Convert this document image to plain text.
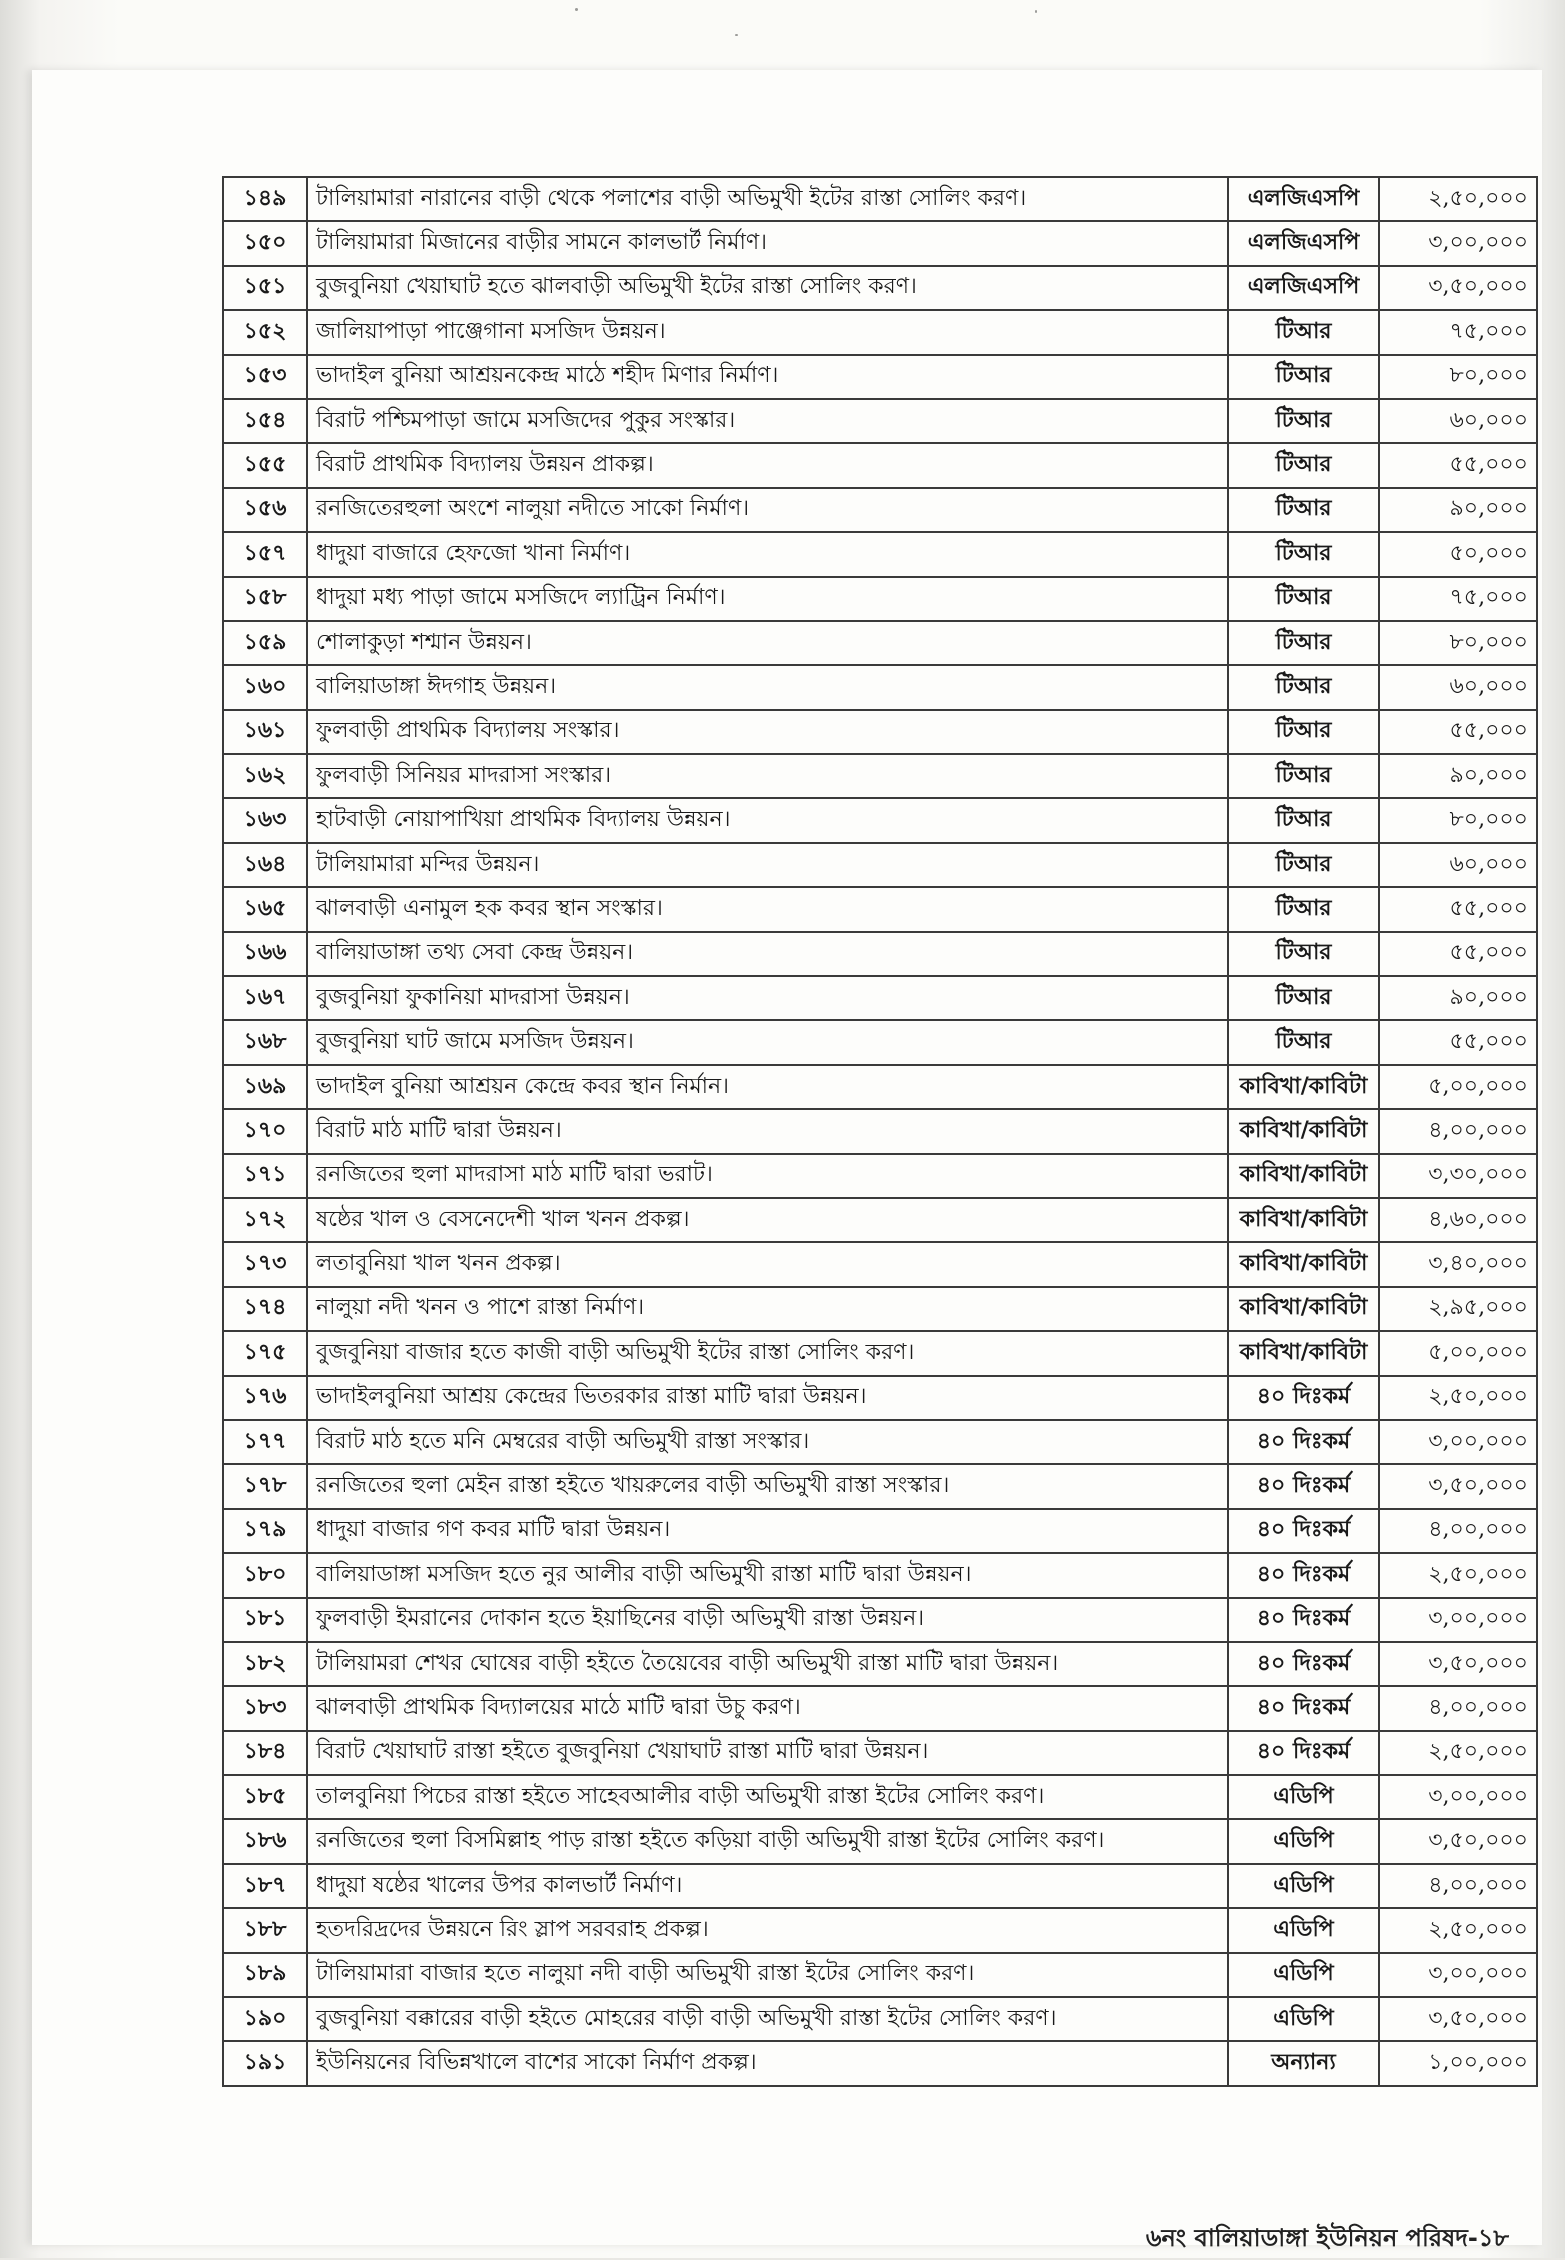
১৪৯	টালিয়ামারা নারানের বাড়ী থেকে পলাশের বাড়ী অভিমুখী ইটের রাস্তা সোলিং করণ।	এলজিএসপি	২,৫০,০০০
১৫০	টালিয়ামারা মিজানের বাড়ীর সামনে কালভার্ট নির্মাণ।	এলজিএসপি	৩,০০,০০০
১৫১	বুজবুনিয়া খেয়াঘাট হতে ঝালবাড়ী অভিমুখী ইটের রাস্তা সোলিং করণ।	এলজিএসপি	৩,৫০,০০০
১৫২	জালিয়াপাড়া পাঞ্জেগানা মসজিদ উন্নয়ন।	টিআর	৭৫,০০০
১৫৩	ভাদাইল বুনিয়া আশ্রয়নকেন্দ্র মাঠে শহীদ মিণার নির্মাণ।	টিআর	৮০,০০০
১৫৪	বিরাট পশ্চিমপাড়া জামে মসজিদের পুকুর সংস্কার।	টিআর	৬০,০০০
১৫৫	বিরাট প্রাথমিক বিদ্যালয় উন্নয়ন প্রাকল্প।	টিআর	৫৫,০০০
১৫৬	রনজিতেরহুলা অংশে নালুয়া নদীতে সাকো নির্মাণ।	টিআর	৯০,০০০
১৫৭	ধাদুয়া বাজারে হেফজো খানা নির্মাণ।	টিআর	৫০,০০০
১৫৮	ধাদুয়া মধ্য পাড়া জামে মসজিদে ল্যাট্রিন নির্মাণ।	টিআর	৭৫,০০০
১৫৯	শোলাকুড়া শশ্মান উন্নয়ন।	টিআর	৮০,০০০
১৬০	বালিয়াডাঙ্গা ঈদগাহ উন্নয়ন।	টিআর	৬০,০০০
১৬১	ফুলবাড়ী প্রাথমিক বিদ্যালয় সংস্কার।	টিআর	৫৫,০০০
১৬২	ফুলবাড়ী সিনিয়র মাদরাসা সংস্কার।	টিআর	৯০,০০০
১৬৩	হাটবাড়ী নোয়াপাখিয়া প্রাথমিক বিদ্যালয় উন্নয়ন।	টিআর	৮০,০০০
১৬৪	টালিয়ামারা মন্দির উন্নয়ন।	টিআর	৬০,০০০
১৬৫	ঝালবাড়ী এনামুল হক কবর স্থান সংস্কার।	টিআর	৫৫,০০০
১৬৬	বালিয়াডাঙ্গা তথ্য সেবা কেন্দ্র উন্নয়ন।	টিআর	৫৫,০০০
১৬৭	বুজবুনিয়া ফুকানিয়া মাদরাসা উন্নয়ন।	টিআর	৯০,০০০
১৬৮	বুজবুনিয়া ঘাট জামে মসজিদ উন্নয়ন।	টিআর	৫৫,০০০
১৬৯	ভাদাইল বুনিয়া আশ্রয়ন কেন্দ্রে কবর স্থান নির্মান।	কাবিখা/কাবিটা	৫,০০,০০০
১৭০	বিরাট মাঠ মাটি দ্বারা উন্নয়ন।	কাবিখা/কাবিটা	৪,০০,০০০
১৭১	রনজিতের হুলা মাদরাসা মাঠ মাটি দ্বারা ভরাট।	কাবিখা/কাবিটা	৩,৩০,০০০
১৭২	ষষ্ঠের খাল ও বেসনেদেশী খাল খনন প্রকল্প।	কাবিখা/কাবিটা	৪,৬০,০০০
১৭৩	লতাবুনিয়া খাল খনন প্রকল্প।	কাবিখা/কাবিটা	৩,৪০,০০০
১৭৪	নালুয়া নদী খনন ও পাশে রাস্তা নির্মাণ।	কাবিখা/কাবিটা	২,৯৫,০০০
১৭৫	বুজবুনিয়া বাজার হতে কাজী বাড়ী অভিমুখী ইটের রাস্তা সোলিং করণ।	কাবিখা/কাবিটা	৫,০০,০০০
১৭৬	ভাদাইলবুনিয়া আশ্রয় কেন্দ্রের ভিতরকার রাস্তা মাটি দ্বারা উন্নয়ন।	৪০ দিঃকর্ম	২,৫০,০০০
১৭৭	বিরাট মাঠ হতে মনি মেম্বরের বাড়ী অভিমুখী রাস্তা সংস্কার।	৪০ দিঃকর্ম	৩,০০,০০০
১৭৮	রনজিতের হুলা মেইন রাস্তা হইতে খায়রুলের বাড়ী অভিমুখী রাস্তা সংস্কার।	৪০ দিঃকর্ম	৩,৫০,০০০
১৭৯	ধাদুয়া বাজার গণ কবর মাটি দ্বারা উন্নয়ন।	৪০ দিঃকর্ম	৪,০০,০০০
১৮০	বালিয়াডাঙ্গা মসজিদ হতে নুর আলীর বাড়ী অভিমুখী রাস্তা মাটি দ্বারা উন্নয়ন।	৪০ দিঃকর্ম	২,৫০,০০০
১৮১	ফুলবাড়ী ইমরানের দোকান হতে ইয়াছিনের বাড়ী অভিমুখী রাস্তা উন্নয়ন।	৪০ দিঃকর্ম	৩,০০,০০০
১৮২	টালিয়ামরা শেখর ঘোষের বাড়ী হইতে তৈয়েবের বাড়ী অভিমুখী রাস্তা মাটি দ্বারা উন্নয়ন।	৪০ দিঃকর্ম	৩,৫০,০০০
১৮৩	ঝালবাড়ী প্রাথমিক বিদ্যালয়ের মাঠে মাটি দ্বারা উচু করণ।	৪০ দিঃকর্ম	৪,০০,০০০
১৮৪	বিরাট খেয়াঘাট রাস্তা হইতে বুজবুনিয়া খেয়াঘাট রাস্তা মাটি দ্বারা উন্নয়ন।	৪০ দিঃকর্ম	২,৫০,০০০
১৮৫	তালবুনিয়া পিচের রাস্তা হইতে সাহেবআলীর বাড়ী অভিমুখী রাস্তা ইটের সোলিং করণ।	এডিপি	৩,০০,০০০
১৮৬	রনজিতের হুলা বিসমিল্লাহ পাড় রাস্তা হইতে কড়িয়া বাড়ী অভিমুখী রাস্তা ইটের সোলিং করণ।	এডিপি	৩,৫০,০০০
১৮৭	ধাদুয়া ষষ্ঠের খালের উপর কালভার্ট নির্মাণ।	এডিপি	৪,০০,০০০
১৮৮	হতদরিদ্রদের উন্নয়নে রিং স্লাপ সরবরাহ প্রকল্প।	এডিপি	২,৫০,০০০
১৮৯	টালিয়ামারা বাজার হতে নালুয়া নদী বাড়ী অভিমুখী রাস্তা ইটের সোলিং করণ।	এডিপি	৩,০০,০০০
১৯০	বুজবুনিয়া বক্কারের বাড়ী হইতে মোহরের বাড়ী বাড়ী অভিমুখী রাস্তা ইটের সোলিং করণ।	এডিপি	৩,৫০,০০০
১৯১	ইউনিয়নের বিভিন্নখালে বাশের সাকো নির্মাণ প্রকল্প।	অন্যান্য	১,০০,০০০
৬নং বালিয়াডাঙ্গা ইউনিয়ন পরিষদ-১৮
